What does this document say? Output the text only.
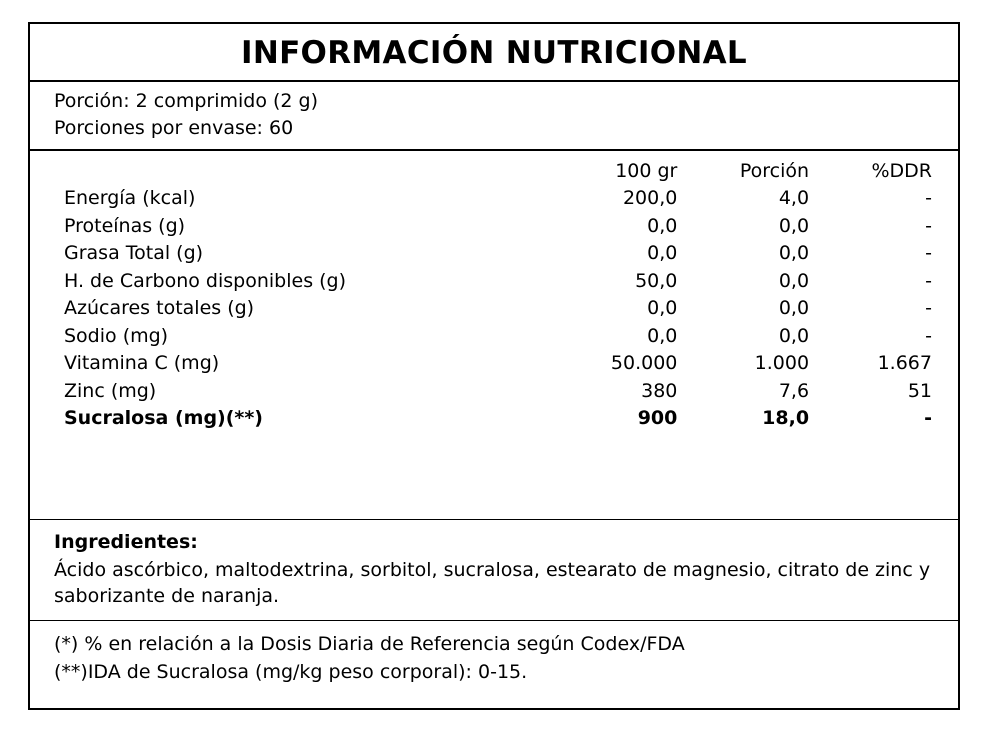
INFORMACIÓN NUTRICIONAL
Porción: 2 comprimido (2 g)
Porciones por envase: 60
	100 gr	Porción	%DDR
Energía (kcal)	200,0	4,0	-
Proteínas (g)	0,0	0,0	-
Grasa Total (g)	0,0	0,0	-
H. de Carbono disponibles (g)	50,0	0,0	-
Azúcares totales (g)	0,0	0,0	-
Sodio (mg)	0,0	0,0	-
Vitamina C (mg)	50.000	1.000	1.667
Zinc (mg)	380	7,6	51
Sucralosa (mg)(**)	900	18,0	-
Ingredientes:
Ácido ascórbico, maltodextrina, sorbitol, sucralosa, estearato de magnesio, citrato de zinc y saborizante de naranja.
(*) % en relación a la Dosis Diaria de Referencia según Codex/FDA
(**)IDA de Sucralosa (mg/kg peso corporal): 0-15.
